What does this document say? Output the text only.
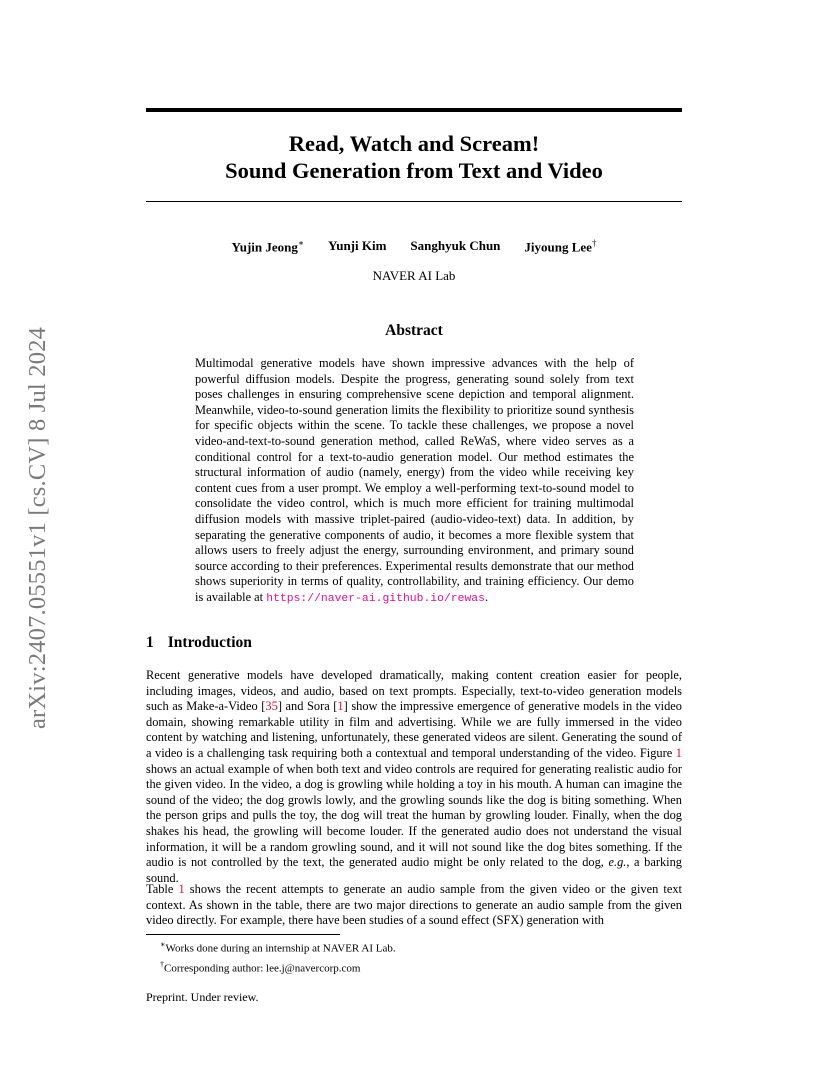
arXiv:2407.05551v1 [cs.CV] 8 Jul 2024
Read, Watch and Scream!
Sound Generation from Text and Video
Yujin Jeong∗ Yunji Kim Sanghyuk Chun Jiyoung Lee†
NAVER AI Lab
Abstract
Multimodal generative models have shown impressive advances with the help of powerful diffusion models. Despite the progress, generating sound solely from text poses challenges in ensuring comprehensive scene depiction and temporal alignment. Meanwhile, video-to-sound generation limits the flexibility to prioritize sound synthesis for specific objects within the scene. To tackle these challenges, we propose a novel video-and-text-to-sound generation method, called ReWaS, where video serves as a conditional control for a text-to-audio generation model. Our method estimates the structural information of audio (namely, energy) from the video while receiving key content cues from a user prompt. We employ a well-performing text-to-sound model to consolidate the video control, which is much more efficient for training multimodal diffusion models with massive triplet-paired (audio-video-text) data. In addition, by separating the generative components of audio, it becomes a more flexible system that allows users to freely adjust the energy, surrounding environment, and primary sound source according to their preferences. Experimental results demonstrate that our method shows superiority in terms of quality, controllability, and training efficiency. Our demo is available at https://naver-ai.github.io/rewas.
1 Introduction

Recent generative models have developed dramatically, making content creation easier for people, including images, videos, and audio, based on text prompts. Especially, text-to-video generation models such as Make-a-Video [35] and Sora [1] show the impressive emergence of generative models in the video domain, showing remarkable utility in film and advertising. While we are fully immersed in the video content by watching and listening, unfortunately, these generated videos are silent. Generating the sound of a video is a challenging task requiring both a contextual and temporal understanding of the video. Figure 1 shows an actual example of when both text and video controls are required for generating realistic audio for the given video. In the video, a dog is growling while holding a toy in his mouth. A human can imagine the sound of the video; the dog growls lowly, and the growling sounds like the dog is biting something. When the person grips and pulls the toy, the dog will treat the human by growling louder. Finally, when the dog shakes his head, the growling will become louder. If the generated audio does not understand the visual information, it will be a random growling sound, and it will not sound like the dog bites something. If the audio is not controlled by the text, the generated audio might be only related to the dog, e.g., a barking sound.

Table 1 shows the recent attempts to generate an audio sample from the given video or the given text context. As shown in the table, there are two major directions to generate an audio sample from the given video directly. For example, there have been studies of a sound effect (SFX) generation with

∗Works done during an internship at NAVER AI Lab.
†Corresponding author: lee.j@navercorp.com
Preprint. Under review.
